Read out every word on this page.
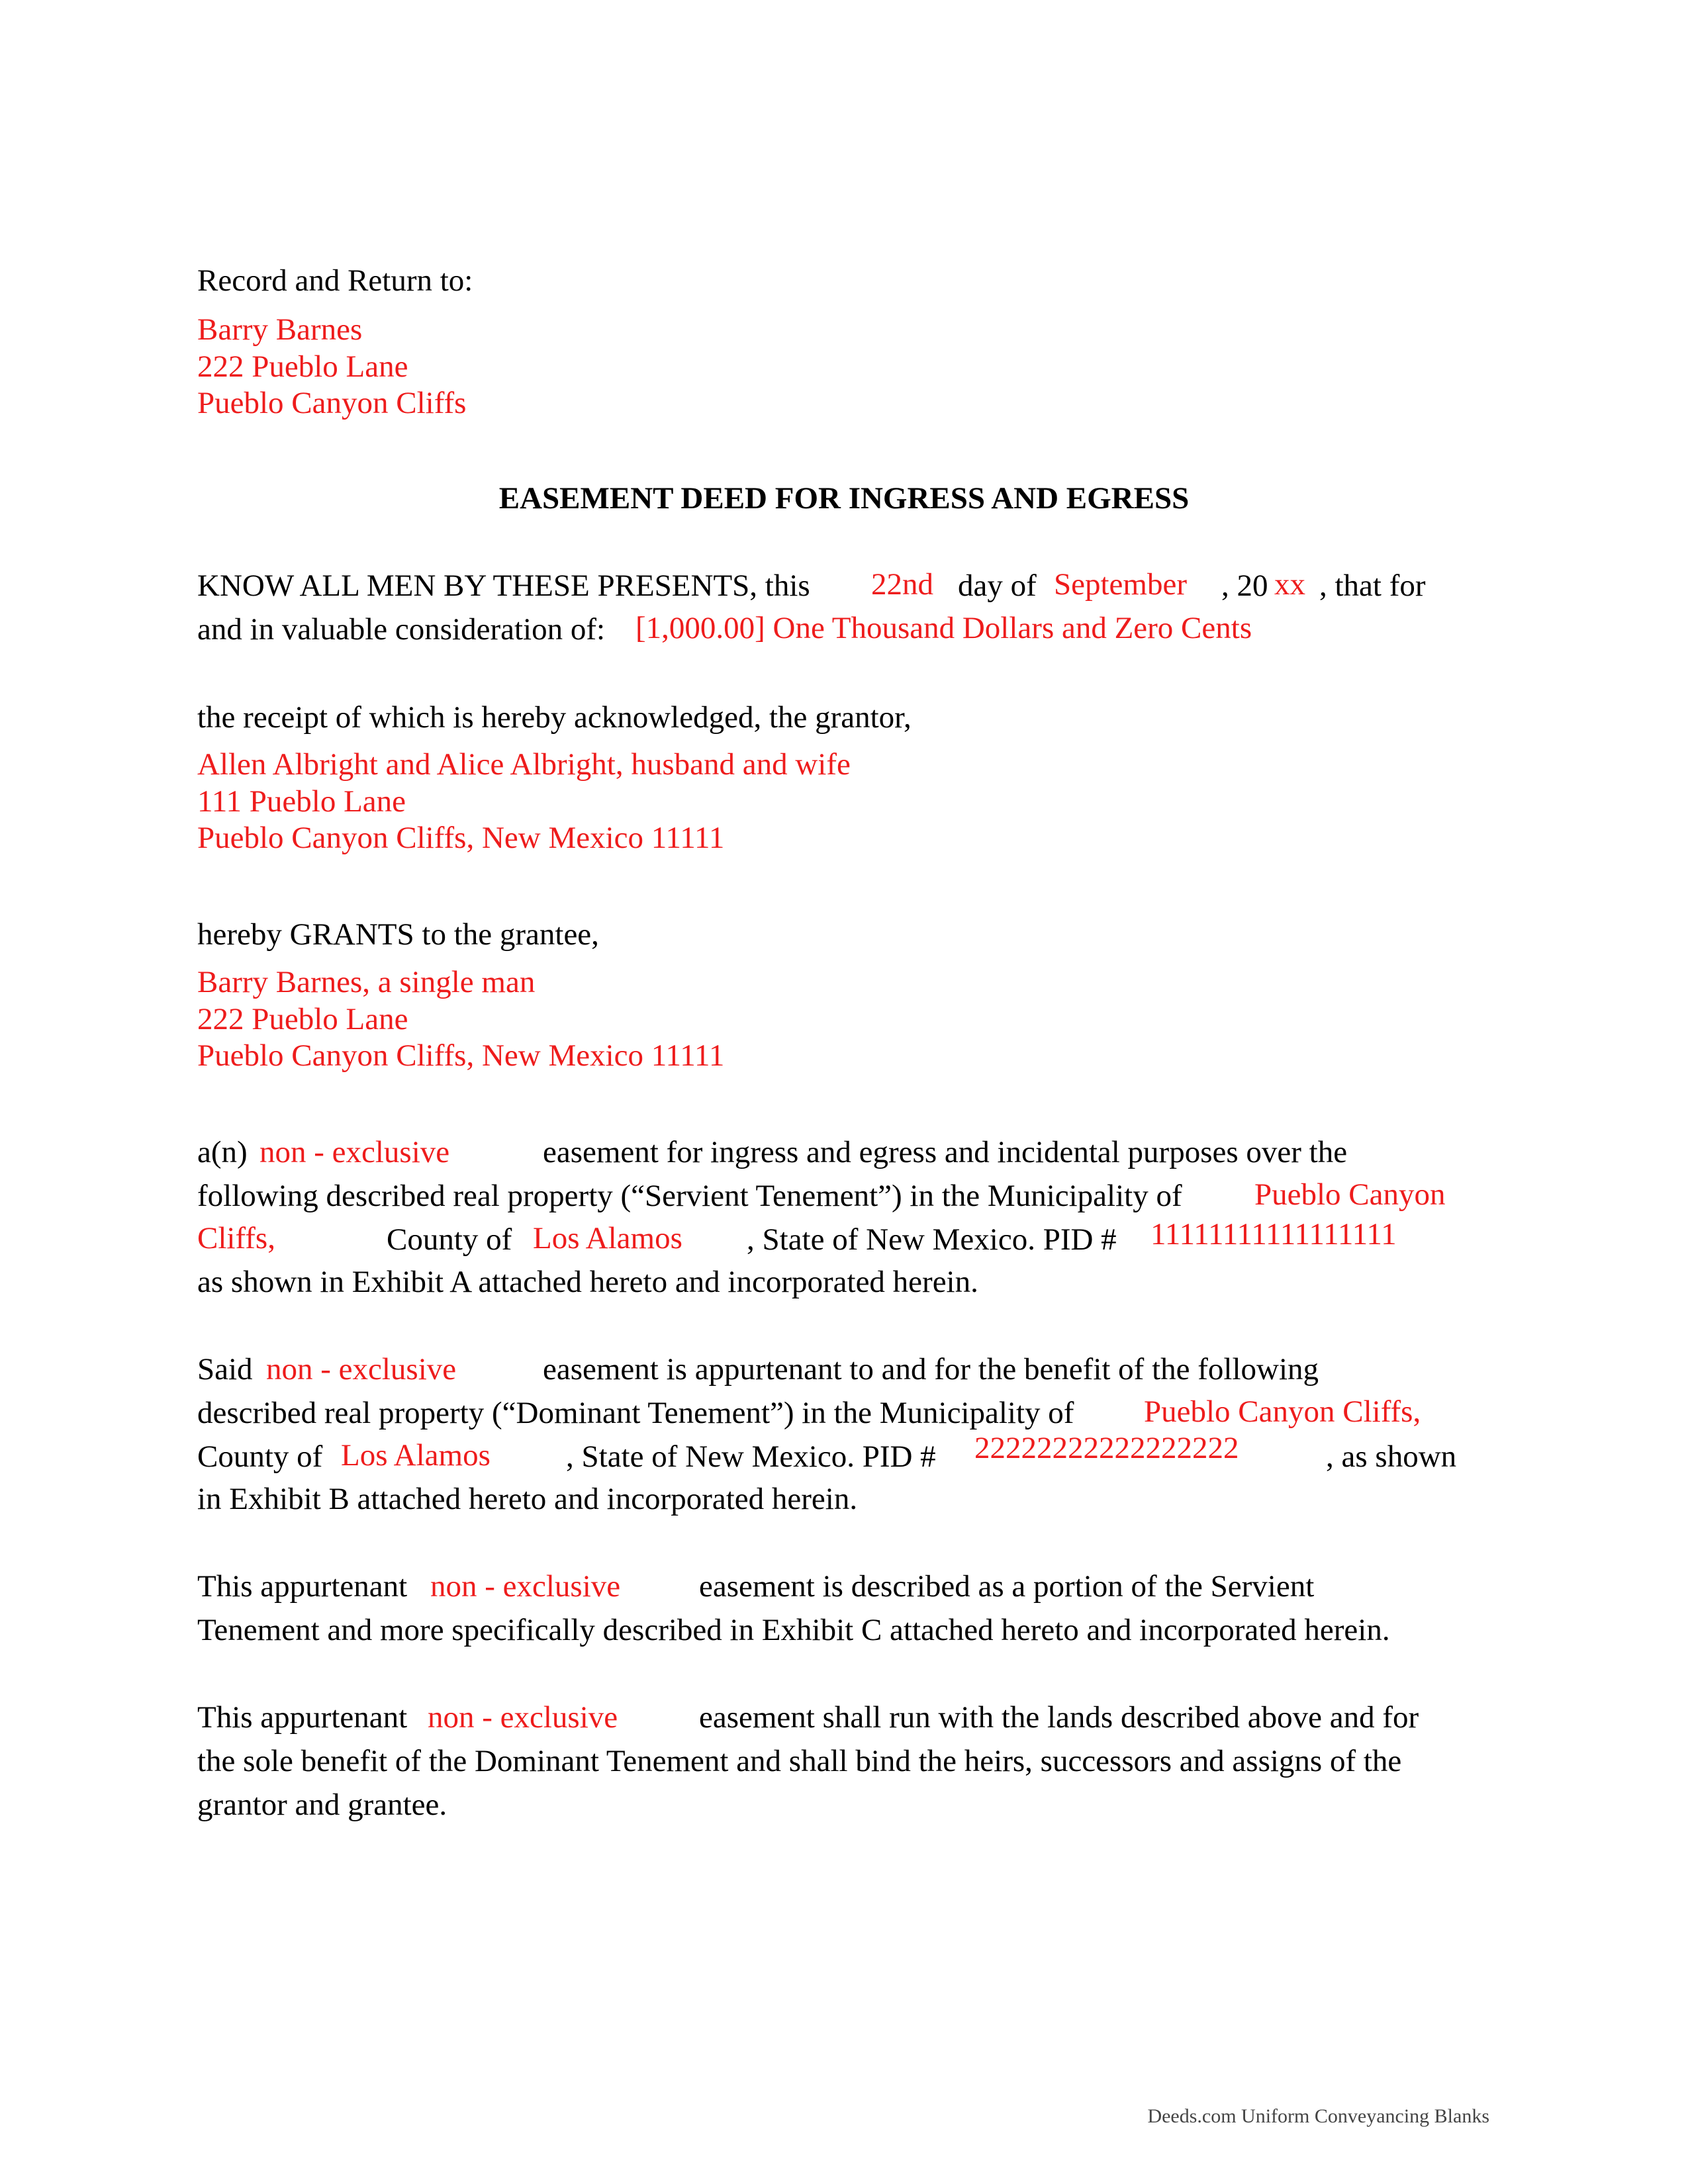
Record and Return to:
Barry Barnes
222 Pueblo Lane
Pueblo Canyon Cliffs
EASEMENT DEED FOR INGRESS AND EGRESS
KNOW ALL MEN BY THESE PRESENTS, this 22nd day of September , 20 xx , that for
and in valuable consideration of: [1,000.00] One Thousand Dollars and Zero Cents
the receipt of which is hereby acknowledged, the grantor,
Allen Albright and Alice Albright, husband and wife
111 Pueblo Lane
Pueblo Canyon Cliffs, New Mexico 11111
hereby GRANTS to the grantee,
Barry Barnes, a single man
222 Pueblo Lane
Pueblo Canyon Cliffs, New Mexico 11111
a(n) non - exclusive	easement for ingress and egress and incidental purposes over the
following described real property (“Servient Tenement”) in the Municipality of Pueblo Canyon
Cliffs,	County of Los Alamos , State of New Mexico. PID # 11111111111111111
as shown in Exhibit A attached hereto and incorporated herein.
Said non - exclusive	easement is appurtenant to and for the benefit of the following
described real property (“Dominant Tenement”) in the Municipality of Pueblo Canyon Cliffs,
County of Los Alamos , State of New Mexico. PID # 22222222222222222	, as shown
in Exhibit B attached hereto and incorporated herein.
This appurtenant non - exclusive	easement is described as a portion of the Servient
Tenement and more specifically described in Exhibit C attached hereto and incorporated herein.
This appurtenant non - exclusive	easement shall run with the lands described above and for
the sole benefit of the Dominant Tenement and shall bind the heirs, successors and assigns of the
grantor and grantee.
Deeds.com Uniform Conveyancing Blanks
